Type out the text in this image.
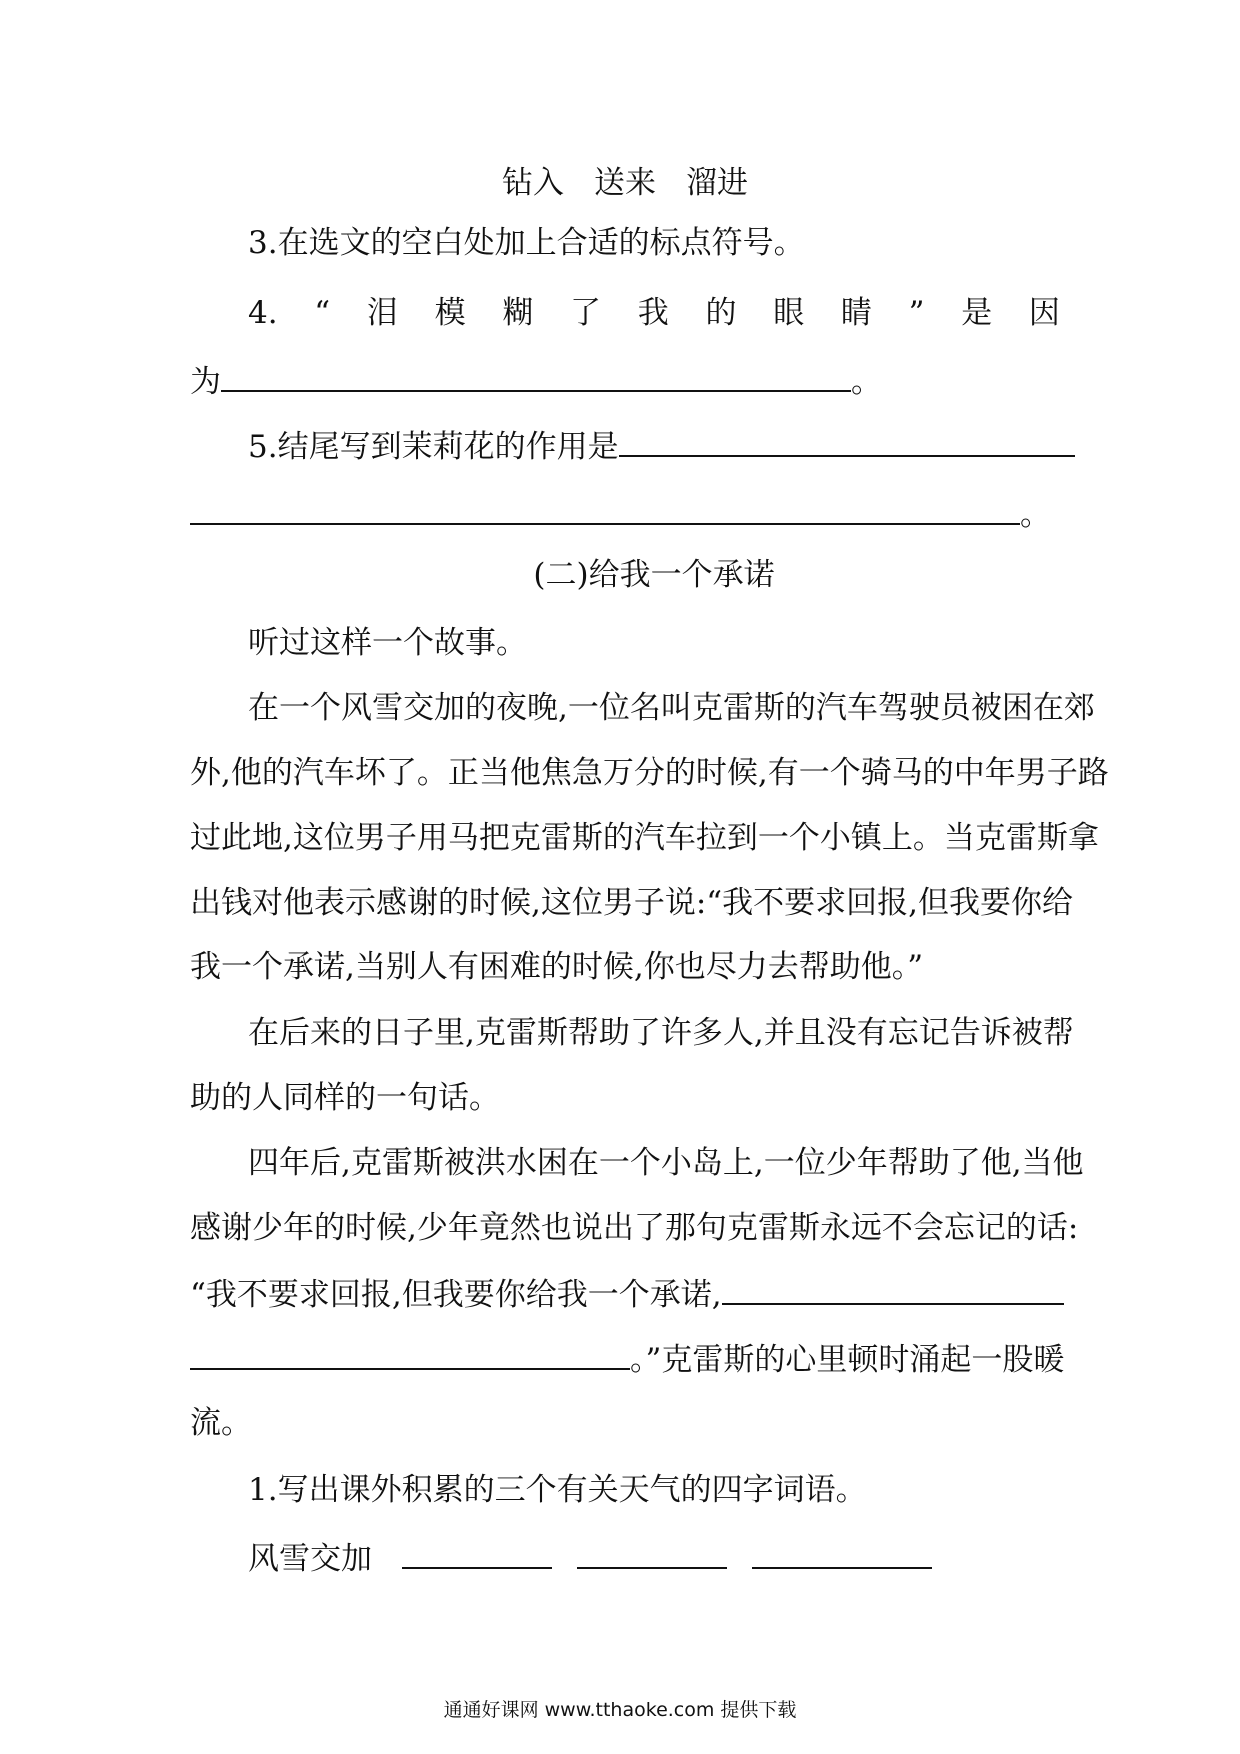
钻入 送来 溜进
3.在选文的空白处加上合适的标点符号。
4. “ 泪 模 糊 了 我 的 眼 睛 ” 是 因
为	。
5.结尾写到茉莉花的作用是
。
(二)给我一个承诺
听过这样一个故事。
在一个风雪交加的夜晚,一位名叫克雷斯的汽车驾驶员被困在郊
外,他的汽车坏了。正当他焦急万分的时候,有一个骑马的中年男子路
过此地,这位男子用马把克雷斯的汽车拉到一个小镇上。当克雷斯拿
出钱对他表示感谢的时候,这位男子说:“我不要求回报,但我要你给
我一个承诺,当别人有困难的时候,你也尽力去帮助他。”
在后来的日子里,克雷斯帮助了许多人,并且没有忘记告诉被帮
助的人同样的一句话。
四年后,克雷斯被洪水困在一个小岛上,一位少年帮助了他,当他
感谢少年的时候,少年竟然也说出了那句克雷斯永远不会忘记的话:
“我不要求回报,但我要你给我一个承诺,
。”克雷斯的心里顿时涌起一股暖
流。
1.写出课外积累的三个有关天气的四字词语。
风雪交加
通通好课网 www.tthaoke.com 提供下载
